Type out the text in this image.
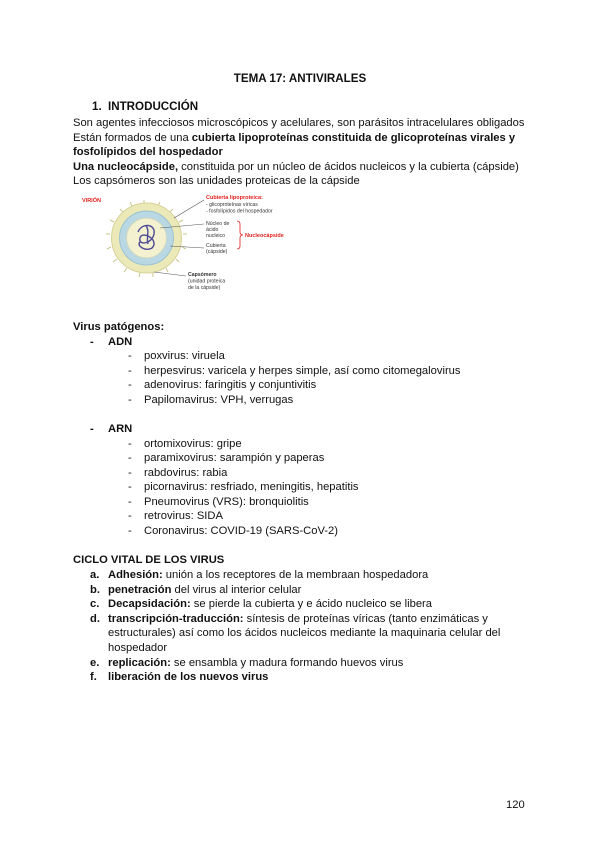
TEMA 17: ANTIVIRALES
1. INTRODUCCIÓN

Son agentes infecciosos microscópicos y acelulares, son parásitos intracelulares obligados

Están formados de una cubierta lipoproteínas constituida de glicoproteínas virales y fosfolípidos del hospedador

Una nucleocápside, constituida por un núcleo de ácidos nucleicos y la cubierta (cápside)

Los capsómeros son las unidades proteicas de la cápside

VIRIÓN	Cubierta lipoproteica:
- glicoproteínas víricas
- fosfolípidos del hospedador
Núcleo de
ácido
nucleico
Cubierta
(cápside)
Nucleocápside
Capsómero
(unidad proteica
de la cápside)
Virus patógenos:
- ADN
- poxvirus: viruela
- herpesvirus: varicela y herpes simple, así como citomegalovirus
- adenovirus: faringitis y conjuntivitis
- Papilomavirus: VPH, verrugas
- ARN
- ortomixovirus: gripe
- paramixovirus: sarampión y paperas
- rabdovirus: rabia
- picornavirus: resfriado, meningitis, hepatitis
- Pneumovirus (VRS): bronquiolitis
- retrovirus: SIDA
- Coronavirus: COVID-19 (SARS-CoV-2)
CICLO VITAL DE LOS VIRUS
a. Adhesión: unión a los receptores de la membraan hospedadora
b. penetración del virus al interior celular
c. Decapsidación: se pierde la cubierta y e ácido nucleico se libera
d. transcripción-traducción: síntesis de proteínas víricas (tanto enzimáticas y estructurales) así como los ácidos nucleicos mediante la maquinaria celular del hospedador
e. replicación: se ensambla y madura formando huevos virus
f. liberación de los nuevos virus
120
